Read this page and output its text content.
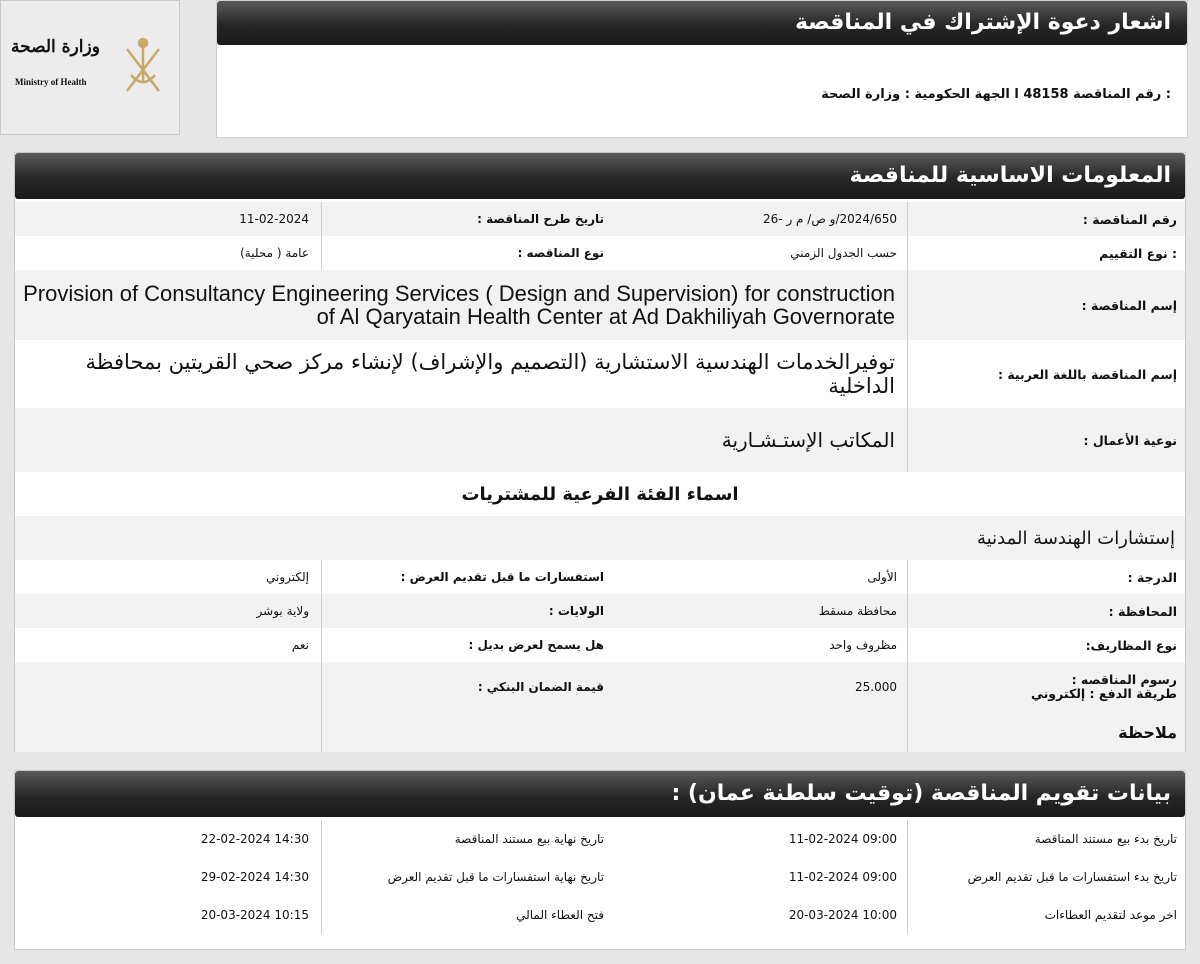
وزارة الصحة
Ministry of Health
اشعار دعوة الإشتراك في المناقصة
: رقم المناقصة 48158 ا الجهة الحكومية : وزارة الصحة
المعلومات الاساسية للمناقصة
رقم المناقصة :
2024/650/و ص/ م ر -26
تاريخ طرح المناقصة :
11-02-2024
: نوع التقييم
حسب الجدول الزمني
نوع المناقصه :
عامة ( محلية)
إسم المناقصة :
Provision of Consultancy Engineering Services ( Design and Supervision) for construction of Al Qaryatain Health Center at Ad Dakhiliyah Governorate
إسم المناقصة باللغة العربية :
توفيرالخدمات الهندسية الاستشارية (التصميم والإشراف) لإنشاء مركز صحي القريتين بمحافظة الداخلية
نوعية الأعمال :
المكاتب الإستـشـارية
اسماء الفئة الفرعية للمشتريات
إستشارات الهندسة المدنية
الدرجة :
الأولى
استفسارات ما قبل تقديم العرض :
إلكتروني
المحافظة :
محافظة مسقط
الولايات :
ولاية بوشر
نوع المظاريف:
مظروف واحد
هل يسمح لعرض بديل :
نعم
رسوم المناقصه :
طريقة الدفع : إلكتروني
25.000
قيمة الضمان البنكي :
ملاحظة
بيانات تقويم المناقصة (توقيت سلطنة عمان) :
تاريخ بدء بيع مستند المناقصة
09:00 11-02-2024
تاريخ نهاية بيع مستند المناقصة
14:30 22-02-2024
تاريخ بدء استفسارات ما قبل تقديم العرض
09:00 11-02-2024
تاريخ نهاية استفسارات ما قبل تقديم العرض
14:30 29-02-2024
اخر موعد لتقديم العطاءات
10:00 20-03-2024
فتح العطاء المالي
10:15 20-03-2024
